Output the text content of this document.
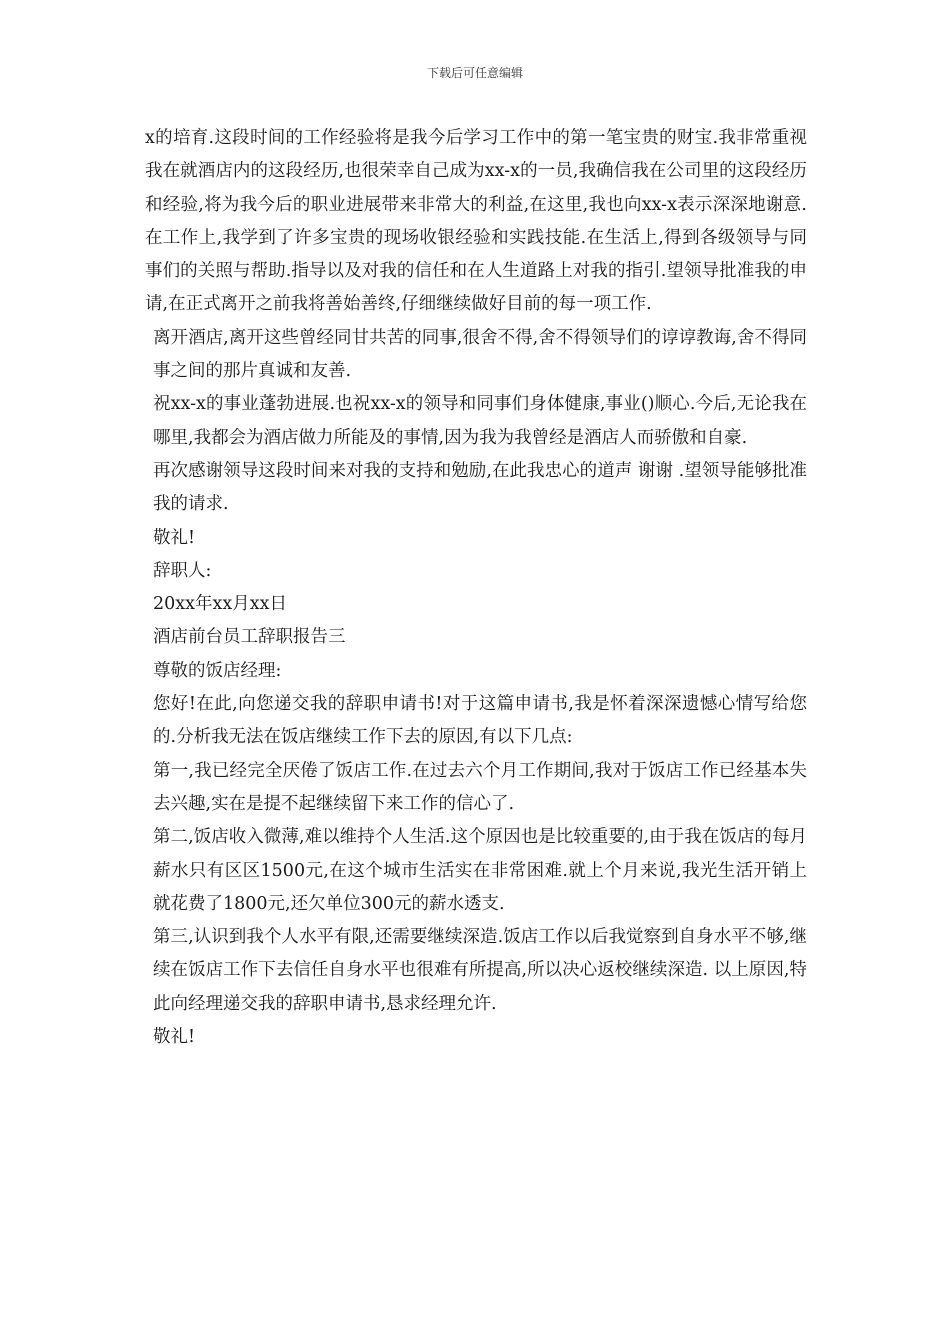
下载后可任意编辑

x的培育.这段时间的工作经验将是我今后学习工作中的第一笔宝贵的财宝.我非常重视我在就酒店内的这段经历,也很荣幸自己成为xx-x的一员,我确信我在公司里的这段经历和经验,将为我今后的职业进展带来非常大的利益,在这里,我也向xx-x表示深深地谢意.在工作上,我学到了许多宝贵的现场收银经验和实践技能.在生活上,得到各级领导与同事们的关照与帮助.指导以及对我的信任和在人生道路上对我的指引.望领导批准我的申请,在正式离开之前我将善始善终,仔细继续做好目前的每一项工作.

离开酒店,离开这些曾经同甘共苦的同事,很舍不得,舍不得领导们的谆谆教诲,舍不得同事之间的那片真诚和友善.

祝xx-x的事业蓬勃进展.也祝xx-x的领导和同事们身体健康,事业()顺心.今后,无论我在哪里,我都会为酒店做力所能及的事情,因为我为我曾经是酒店人而骄傲和自豪.

再次感谢领导这段时间来对我的支持和勉励,在此我忠心的道声 谢谢 .望领导能够批准我的请求.

敬礼!

辞职人:

20xx年xx月xx日

酒店前台员工辞职报告三

尊敬的饭店经理:

您好!在此,向您递交我的辞职申请书!对于这篇申请书,我是怀着深深遗憾心情写给您的.分析我无法在饭店继续工作下去的原因,有以下几点:

第一,我已经完全厌倦了饭店工作.在过去六个月工作期间,我对于饭店工作已经基本失去兴趣,实在是提不起继续留下来工作的信心了.

第二,饭店收入微薄,难以维持个人生活.这个原因也是比较重要的,由于我在饭店的每月薪水只有区区1500元,在这个城市生活实在非常困难.就上个月来说,我光生活开销上就花费了1800元,还欠单位300元的薪水透支.

第三,认识到我个人水平有限,还需要继续深造.饭店工作以后我觉察到自身水平不够,继续在饭店工作下去信任自身水平也很难有所提高,所以决心返校继续深造. 以上原因,特此向经理递交我的辞职申请书,恳求经理允许.

敬礼!
